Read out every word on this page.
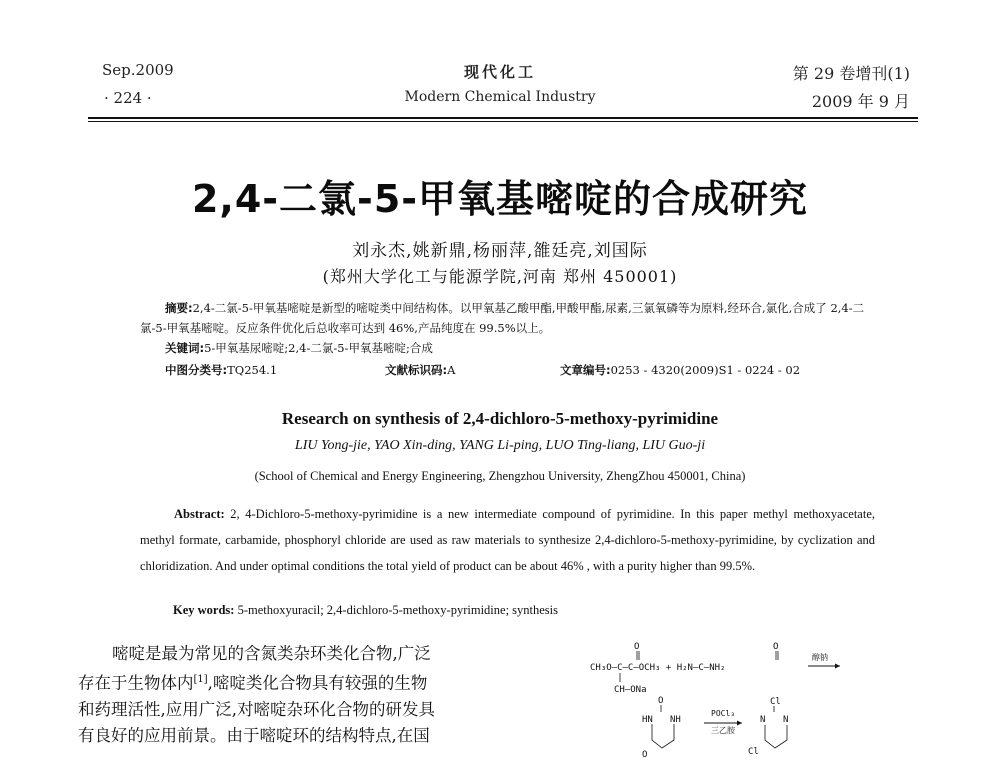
Sep.2009
· 224 ·
现代化工
Modern Chemical Industry
第 29 卷增刊(1)
2009 年 9 月
2,4-二氯-5-甲氧基嘧啶的合成研究
刘永杰,姚新鼎,杨丽萍,雒廷亮,刘国际
(郑州大学化工与能源学院,河南 郑州 450001)
摘要:2,4-二氯-5-甲氧基嘧啶是新型的嘧啶类中间结构体。以甲氧基乙酸甲酯,甲酸甲酯,尿素,三氯氧磷等为原料,经环合,氯化,合成了 2,4-二氯-5-甲氧基嘧啶。反应条件优化后总收率可达到 46%,产品纯度在 99.5%以上。
关键词:5-甲氧基尿嘧啶;2,4-二氯-5-甲氧基嘧啶;合成
中图分类号:TQ254.1	文献标识码:A	文章编号:0253 - 4320(2009)S1 - 0224 - 02
Research on synthesis of 2,4-dichloro-5-methoxy-pyrimidine
LIU Yong-jie, YAO Xin-ding, YANG Li-ping, LUO Ting-liang, LIU Guo-ji
(School of Chemical and Energy Engineering, Zhengzhou University, ZhengZhou 450001, China)
Abstract: 2, 4-Dichloro-5-methoxy-pyrimidine is a new intermediate compound of pyrimidine. In this paper methyl methoxyacetate, methyl formate, carbamide, phosphoryl chloride are used as raw materials to synthesize 2,4-dichloro-5-methoxy-pyrimidine, by cyclization and chloridization. And under optimal conditions the total yield of product can be about 46% , with a purity higher than 99.5%.
Key words: 5-methoxyuracil; 2,4-dichloro-5-methoxy-pyrimidine; synthesis
嘧啶是最为常见的含氮类杂环类化合物,广泛
存在于生物体内[1],嘧啶类化合物具有较强的生物
和药理活性,应用广泛,对嘧啶杂环化合物的研发具
有良好的应用前景。由于嘧啶环的结构特点,在国
O	O
CH₃O—C—C—OCH₃ + H₂N—C—NH₂
CH—ONa
醇钠
O
HN NH
O
POCl₃
三乙胺
Cl
N N
Cl
